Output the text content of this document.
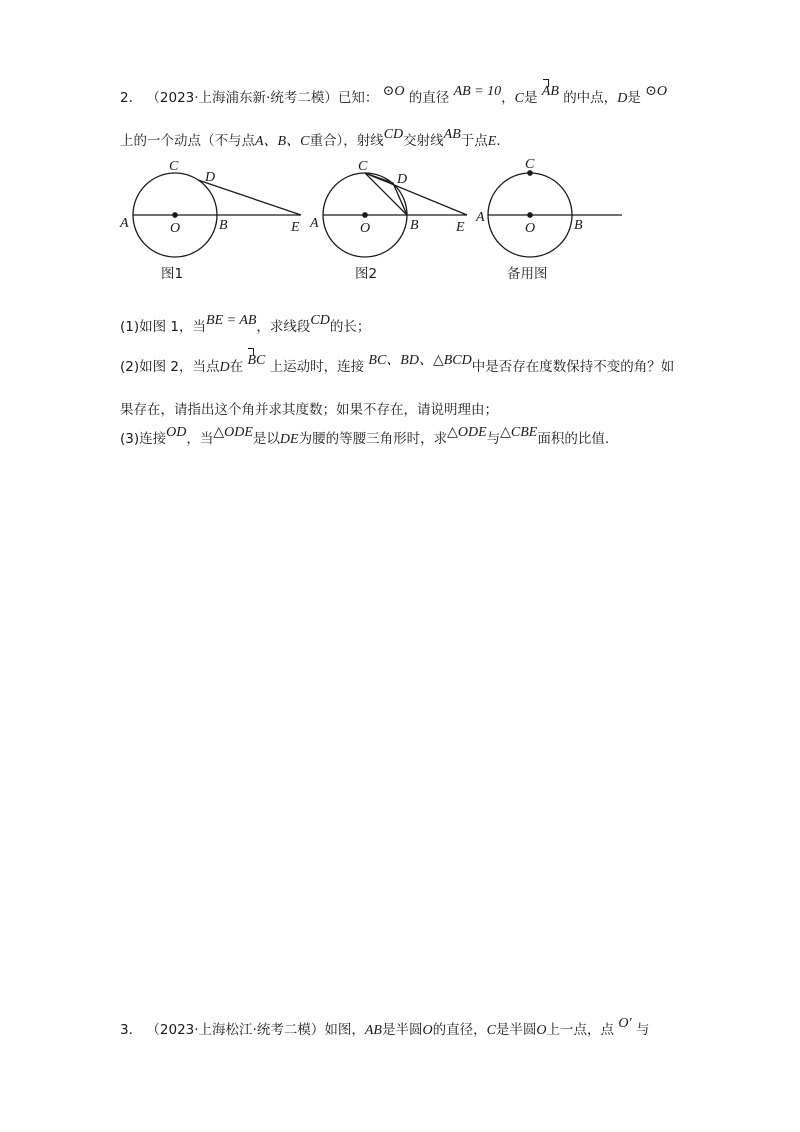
2． （2023·上海浦东新·统考二模）已知： ⊙O 的直径 AB = 10，C是 AB 的中点，D是 ⊙O
上的一个动点（不与点A、B、C重合），射线CD交射线AB于点E.
C
D
A	O	B	E
C
D
A	O	B	E
C
A
O	B
图1	图2	备用图
(1)如图 1，当BE = AB，求线段CD的长；
(2)如图 2，当点D在 BC 上运动时，连接 BC、BD、△BCD中是否存在度数保持不变的角？如
果存在，请指出这个角并求其度数；如果不存在，请说明理由；
(3)连接OD，当△ODE是以DE为腰的等腰三角形时，求△ODE与△CBE面积的比值.
3． （2023·上海松江·统考二模）如图，AB是半圆O的直径，C是半圆O上一点，点 O′ 与
